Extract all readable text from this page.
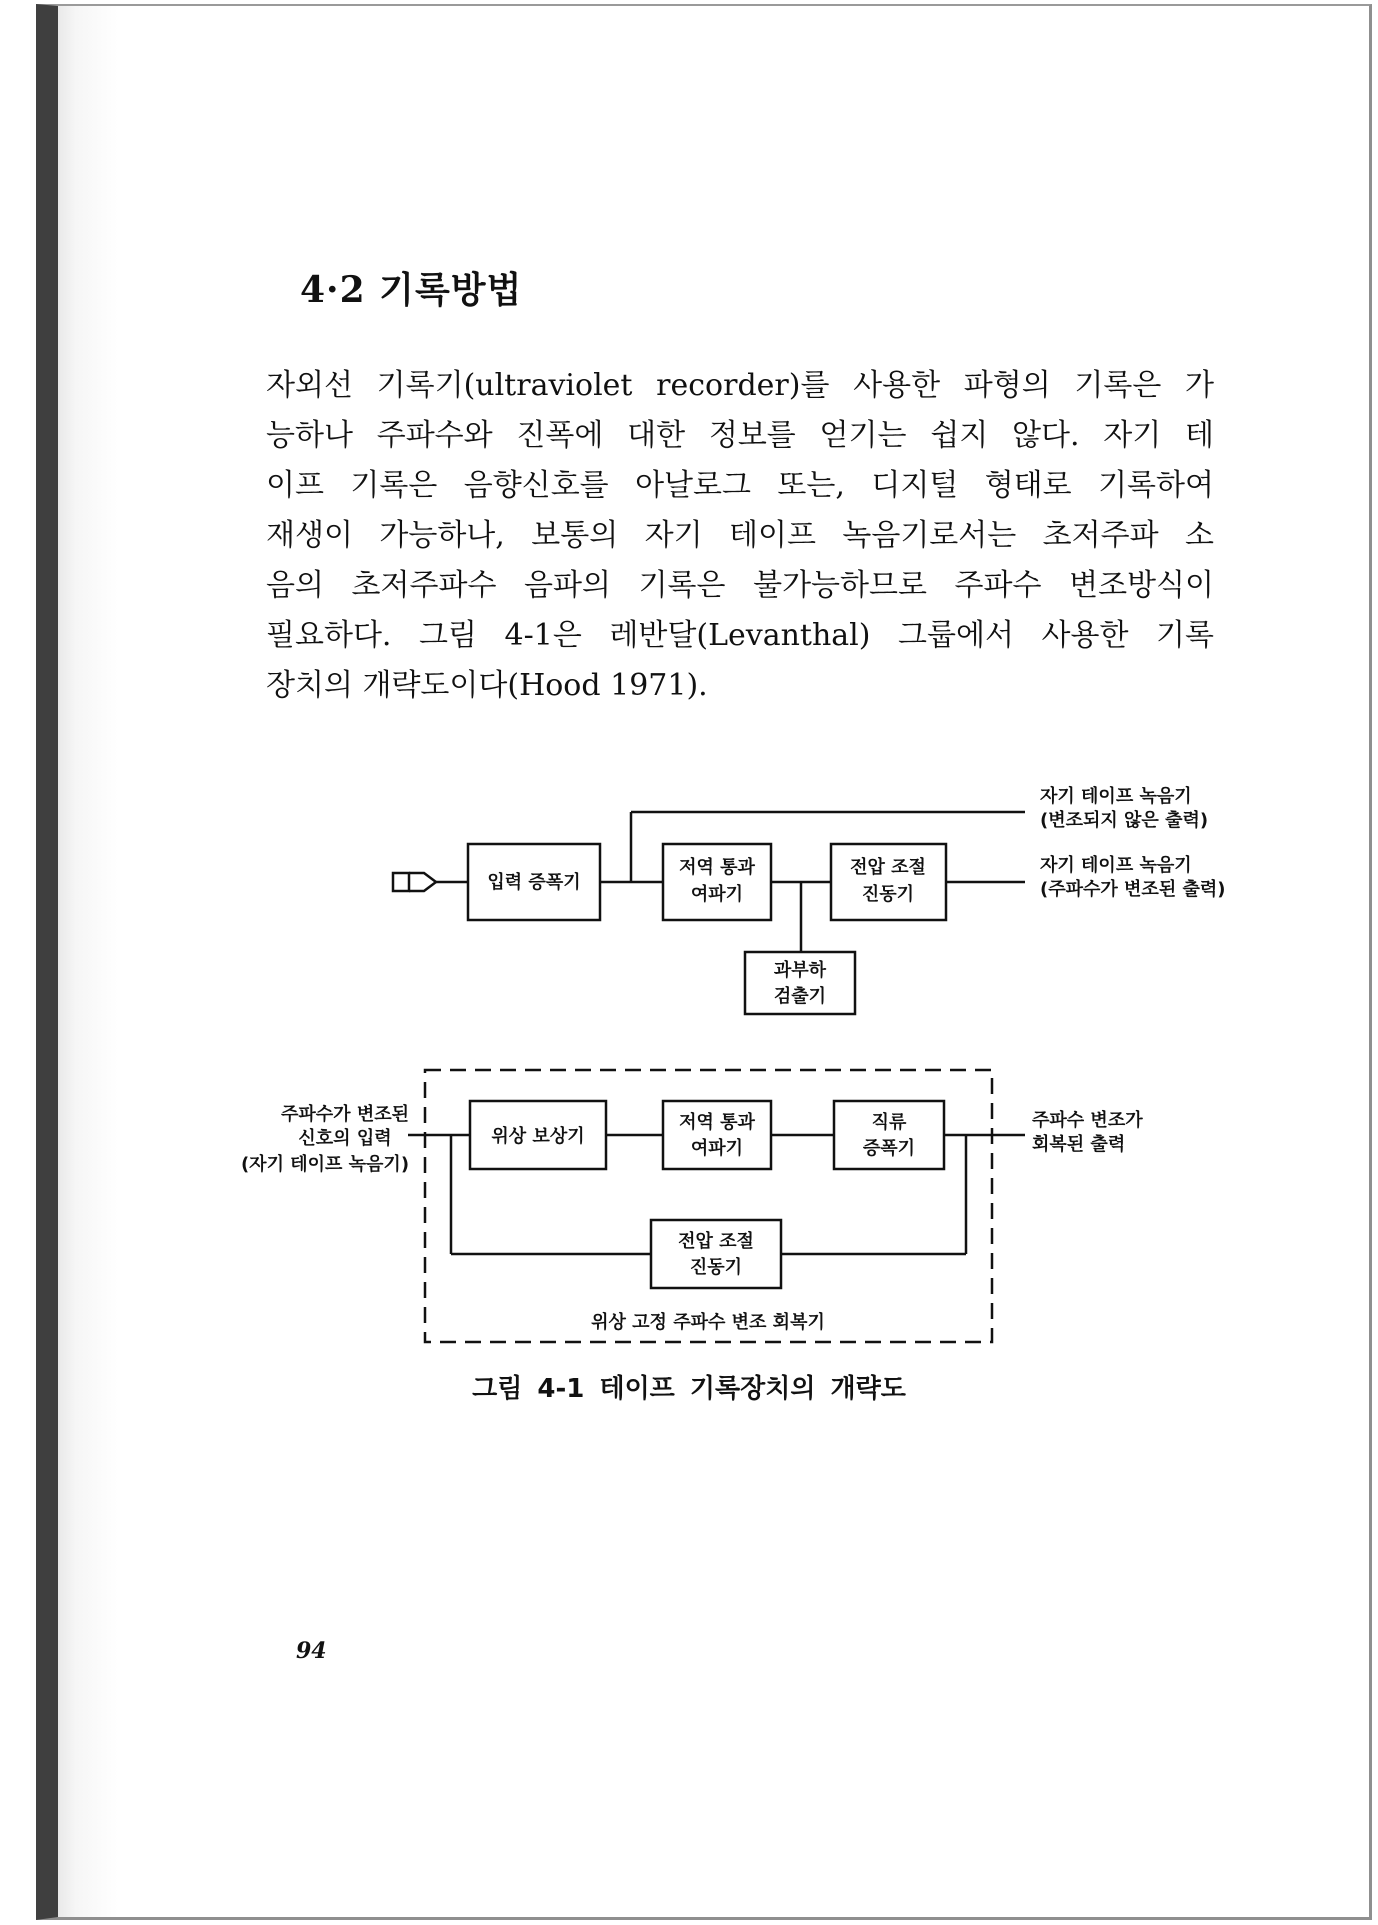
4·2 기록방법

자외선 기록기(ultraviolet recorder)를 사용한 파형의 기록은 가

능하나 주파수와 진폭에 대한 정보를 얻기는 쉽지 않다. 자기 테

이프 기록은 음향신호를 아날로그 또는, 디지털 형태로 기록하여

재생이 가능하나, 보통의 자기 테이프 녹음기로서는 초저주파 소

음의 초저주파수 음파의 기록은 불가능하므로 주파수 변조방식이

필요하다. 그림 4-1은 레반달(Levanthal) 그룹에서 사용한 기록

장치의 개략도이다(Hood 1971).

입력 증폭기
저역 통과
여파기
전압 조절
진동기
과부하
검출기
자기 테이프 녹음기
(변조되지 않은 출력)
자기 테이프 녹음기
(주파수가 변조된 출력)
주파수가 변조된
신호의 입력
(자기 테이프 녹음기)
위상 보상기
저역 통과
여파기
직류
증폭기
전압 조절
진동기
주파수 변조가
회복된 출력
위상 고정 주파수 변조 회복기
그림 4-1 테이프 기록장치의 개략도
94
